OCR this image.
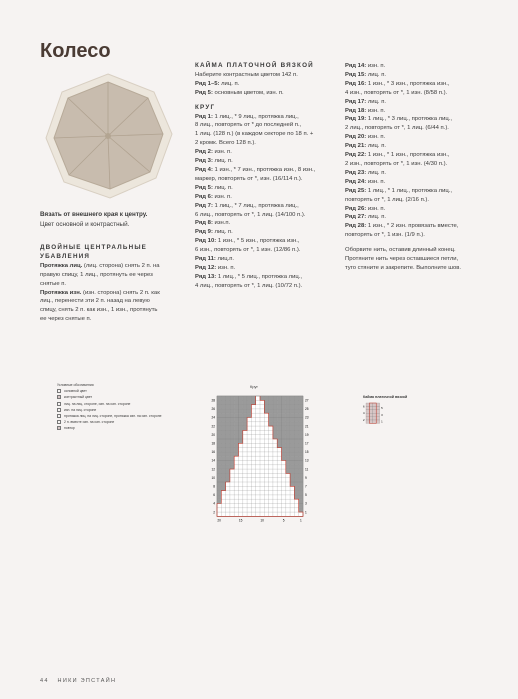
Колесо
Вязать от внешнего края к центру.
Цвет основной и контрастный.

ДВОЙНЫЕ ЦЕНТРАЛЬНЫЕ

УБАВЛЕНИЯ

Протяжка лиц. (лиц. сторона) снять 2 п. на

правую спицу, 1 лиц., протянуть ее через

снятые п.

Протяжка изн. (изн. сторона) снять 2 п. как

лиц., перенести эти 2 п. назад на левую

спицу, снять 2 п. как изн., 1 изн., протянуть

ее через снятые п.

КАЙМА ПЛАТОЧНОЙ ВЯЗКОЙ

Наберите контрастным цветом 142 п.

Ряд 1–5: лиц. п.

Ряд 5: основным цветом, изн. п.

КРУГ

Ряд 1: 1 лиц., * 9 лиц., протяжка лиц.,

8 лиц., повторять от * до последней п.,

1 лиц. (128 п.) (в каждом секторе по 18 п. +

2 кромк. Всего 128 п.).

Ряд 2: изн. п.

Ряд 3: лиц. п.

Ряд 4: 1 изн., * 7 изн., протяжка изн., 8 изн.,

маркер, повторять от *, изн. (16/114 п.).

Ряд 5: лиц. п.

Ряд 6: изн. п.

Ряд 7: 1 лиц., * 7 лиц., протяжка лиц.,

6 лиц., повторять от *, 1 лиц. (14/100 п.).

Ряд 8: изн.п.

Ряд 9: лиц. п.

Ряд 10: 1 изн., * 5 изн., протяжка изн.,

6 изн., повторять от *, 1 изн. (12/86 п.).

Ряд 11: лиц.п.

Ряд 12: изн. п.

Ряд 13: 1 лиц., * 5 лиц., протяжка лиц.,

4 лиц., повторять от *, 1 лиц. (10/72 п.).

Ряд 14: изн. п.

Ряд 15: лиц. п.

Ряд 16: 1 изн., * 3 изн., протяжка изн.,

4 изн., повторять от *, 1 изн. (8/58 п.).

Ряд 17: лиц. п.

Ряд 18: изн. п.

Ряд 19: 1 лиц., * 3 лиц., протяжка лиц.,

2 лиц., повторять от *, 1 лиц. (6/44 п.).

Ряд 20: изн. п.

Ряд 21: лиц. п.

Ряд 22: 1 изн., * 1 изн., протяжка изн.,

2 изн., повторять от *, 1 изн. (4/30 п.).

Ряд 23: лиц. п.

Ряд 24: изн. п.

Ряд 25: 1 лиц., * 1 лиц., протяжка лиц.,

повторять от *, 1 лиц. (2/16 п.).

Ряд 26: изн. п.

Ряд 27: лиц. п.

Ряд 28: 1 изн., * 2 изн. провязать вместе,

повторять от *, 1 изн. (1/9 п.).

Оборвите нить, оставив длинный конец.

Протяните нить через оставшиеся петли,

туго стяните и закрепите. Выполните шов.

Условные обозначения
основной цвет
контрастный цвет
лиц. на лиц. стороне, изн. на изн. стороне
изн. на лиц. стороне
протяжка лиц. на лиц. стороне, протяжка изн. на изн. стороне
2 п. вместе изн. на изн. стороне
повтор
Круг
28
26
24
22
20
18
16
14
12
10
8
6
4
2
27
25
23
21
19
17
15
13
11
9
7
5
3
1
20	15	10	5	1
Кайма платочной вязкой
6
4
2
5
3
1
44 НИКИ ЭПСТАЙН
